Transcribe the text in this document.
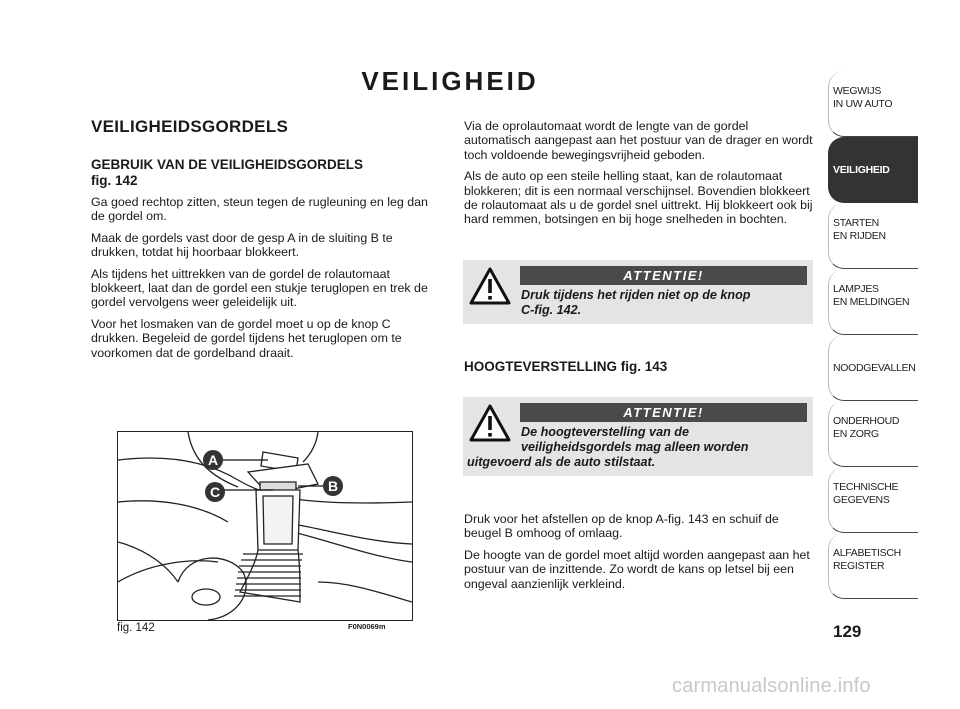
VEILIGHEID
VEILIGHEIDSGORDELS
GEBRUIK VAN DE VEILIGHEIDSGORDELS
fig. 142

Ga goed rechtop zitten, steun tegen de rugleuning en leg dan de gordel om.

Maak de gordels vast door de gesp A in de sluiting B te drukken, totdat hij hoorbaar blokkeert.

Als tijdens het uittrekken van de gordel de rolautomaat blokkeert, laat dan de gordel een stukje teruglopen en trek de gordel vervolgens weer geleidelijk uit.

Voor het losmaken van de gordel moet u op de knop C drukken. Begeleid de gordel tijdens het teruglopen om te voorkomen dat de gordelband draait.

Via de oprolautomaat wordt de lengte van de gordel automatisch aangepast aan het postuur van de drager en wordt toch voldoende bewegingsvrijheid geboden.

Als de auto op een steile helling staat, kan de rolautomaat blokkeren; dit is een normaal verschijnsel. Bovendien blokkeert de rolautomaat als u de gordel snel uittrekt. Hij blokkeert ook bij hard remmen, botsingen en bij hoge snelheden in bochten.

ATTENTIE!
Druk tijdens het rijden niet op de knop
C-fig. 142.
HOOGTEVERSTELLING fig. 143
ATTENTIE!
De hoogteverstelling van de
veiligheidsgordels mag alleen worden
uitgevoerd als de auto stilstaat.

Druk voor het afstellen op de knop A-fig. 143 en schuif de beugel B omhoog of omlaag.

De hoogte van de gordel moet altijd worden aangepast aan het postuur van de inzittende. Zo wordt de kans op letsel bij een ongeval aanzienlijk verkleind.

A
C	B
fig. 142	F0N0069m
WEGWIJS
IN UW AUTO
VEILIGHEID
STARTEN
EN RIJDEN
LAMPJES
EN MELDINGEN
NOODGEVALLEN
ONDERHOUD
EN ZORG
TECHNISCHE
GEGEVENS
ALFABETISCH
REGISTER
129
carmanualsonline.info
